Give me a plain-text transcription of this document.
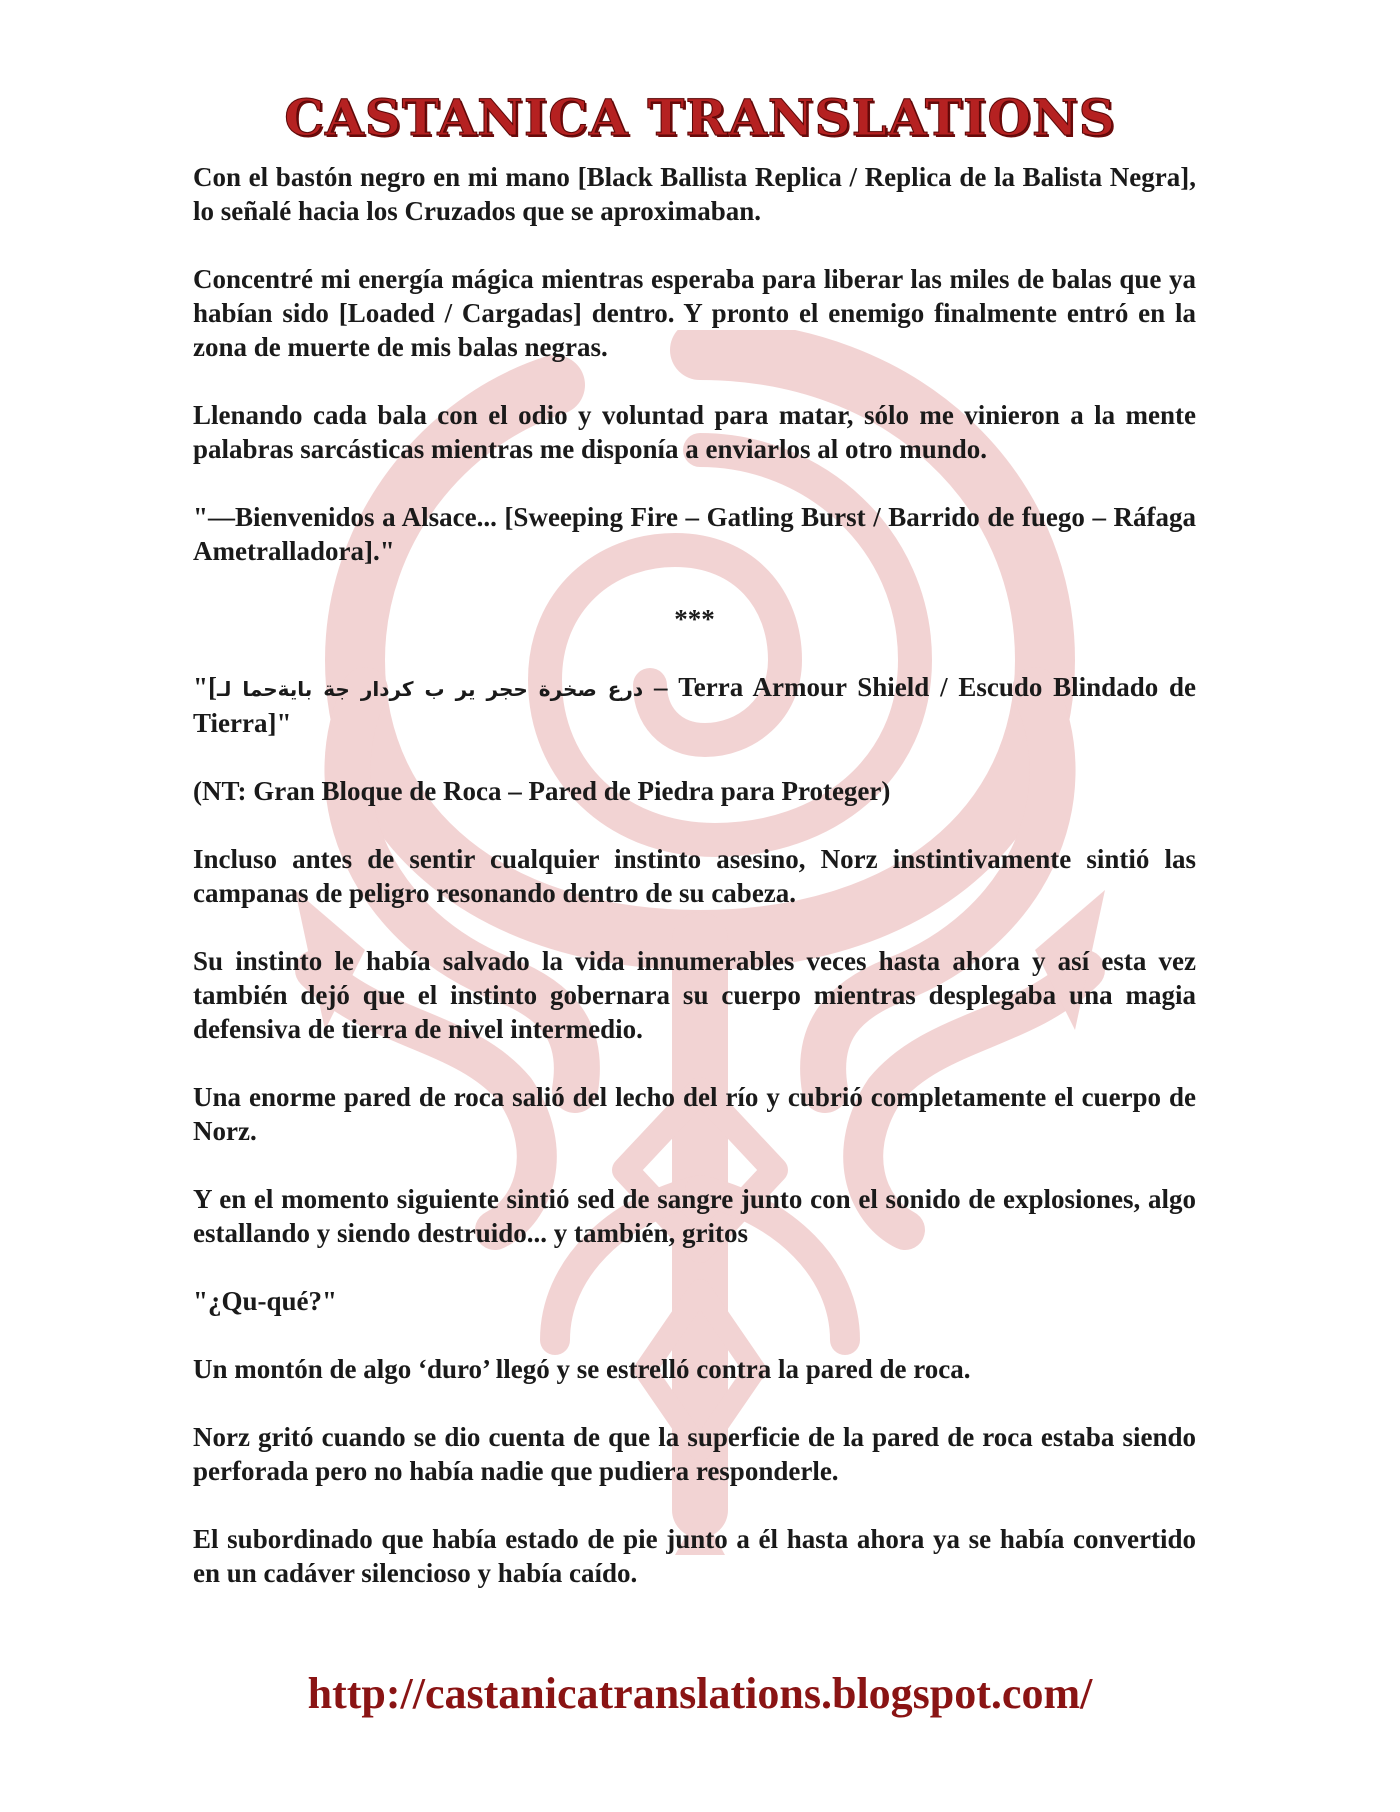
CASTANICA TRANSLATIONS

Con el bastón negro en mi mano [Black Ballista Replica / Replica de la Balista Negra], lo señalé hacia los Cruzados que se aproximaban.

Concentré mi energía mágica mientras esperaba para liberar las miles de balas que ya habían sido [Loaded / Cargadas] dentro. Y pronto el enemigo finalmente entró en la zona de muerte de mis balas negras.

Llenando cada bala con el odio y voluntad para matar, sólo me vinieron a la mente palabras sarcásticas mientras me disponía a enviarlos al otro mundo.

"—Bienvenidos a Alsace... [Sweeping Fire – Gatling Burst / Barrido de fuego – Ráfaga Ametralladora]."

***

"[درع صخرة حجر ير ب كردار جة بايةحما لـ – Terra Armour Shield / Escudo Blindado de Tierra]"

(NT: Gran Bloque de Roca – Pared de Piedra para Proteger)

Incluso antes de sentir cualquier instinto asesino, Norz instintivamente sintió las campanas de peligro resonando dentro de su cabeza.

Su instinto le había salvado la vida innumerables veces hasta ahora y así esta vez también dejó que el instinto gobernara su cuerpo mientras desplegaba una magia defensiva de tierra de nivel intermedio.

Una enorme pared de roca salió del lecho del río y cubrió completamente el cuerpo de Norz.

Y en el momento siguiente sintió sed de sangre junto con el sonido de explosiones, algo estallando y siendo destruido... y también, gritos

"¿Qu-qué?"

Un montón de algo ‘duro’ llegó y se estrelló contra la pared de roca.

Norz gritó cuando se dio cuenta de que la superficie de la pared de roca estaba siendo perforada pero no había nadie que pudiera responderle.

El subordinado que había estado de pie junto a él hasta ahora ya se había convertido en un cadáver silencioso y había caído.

http://castanicatranslations.blogspot.com/
